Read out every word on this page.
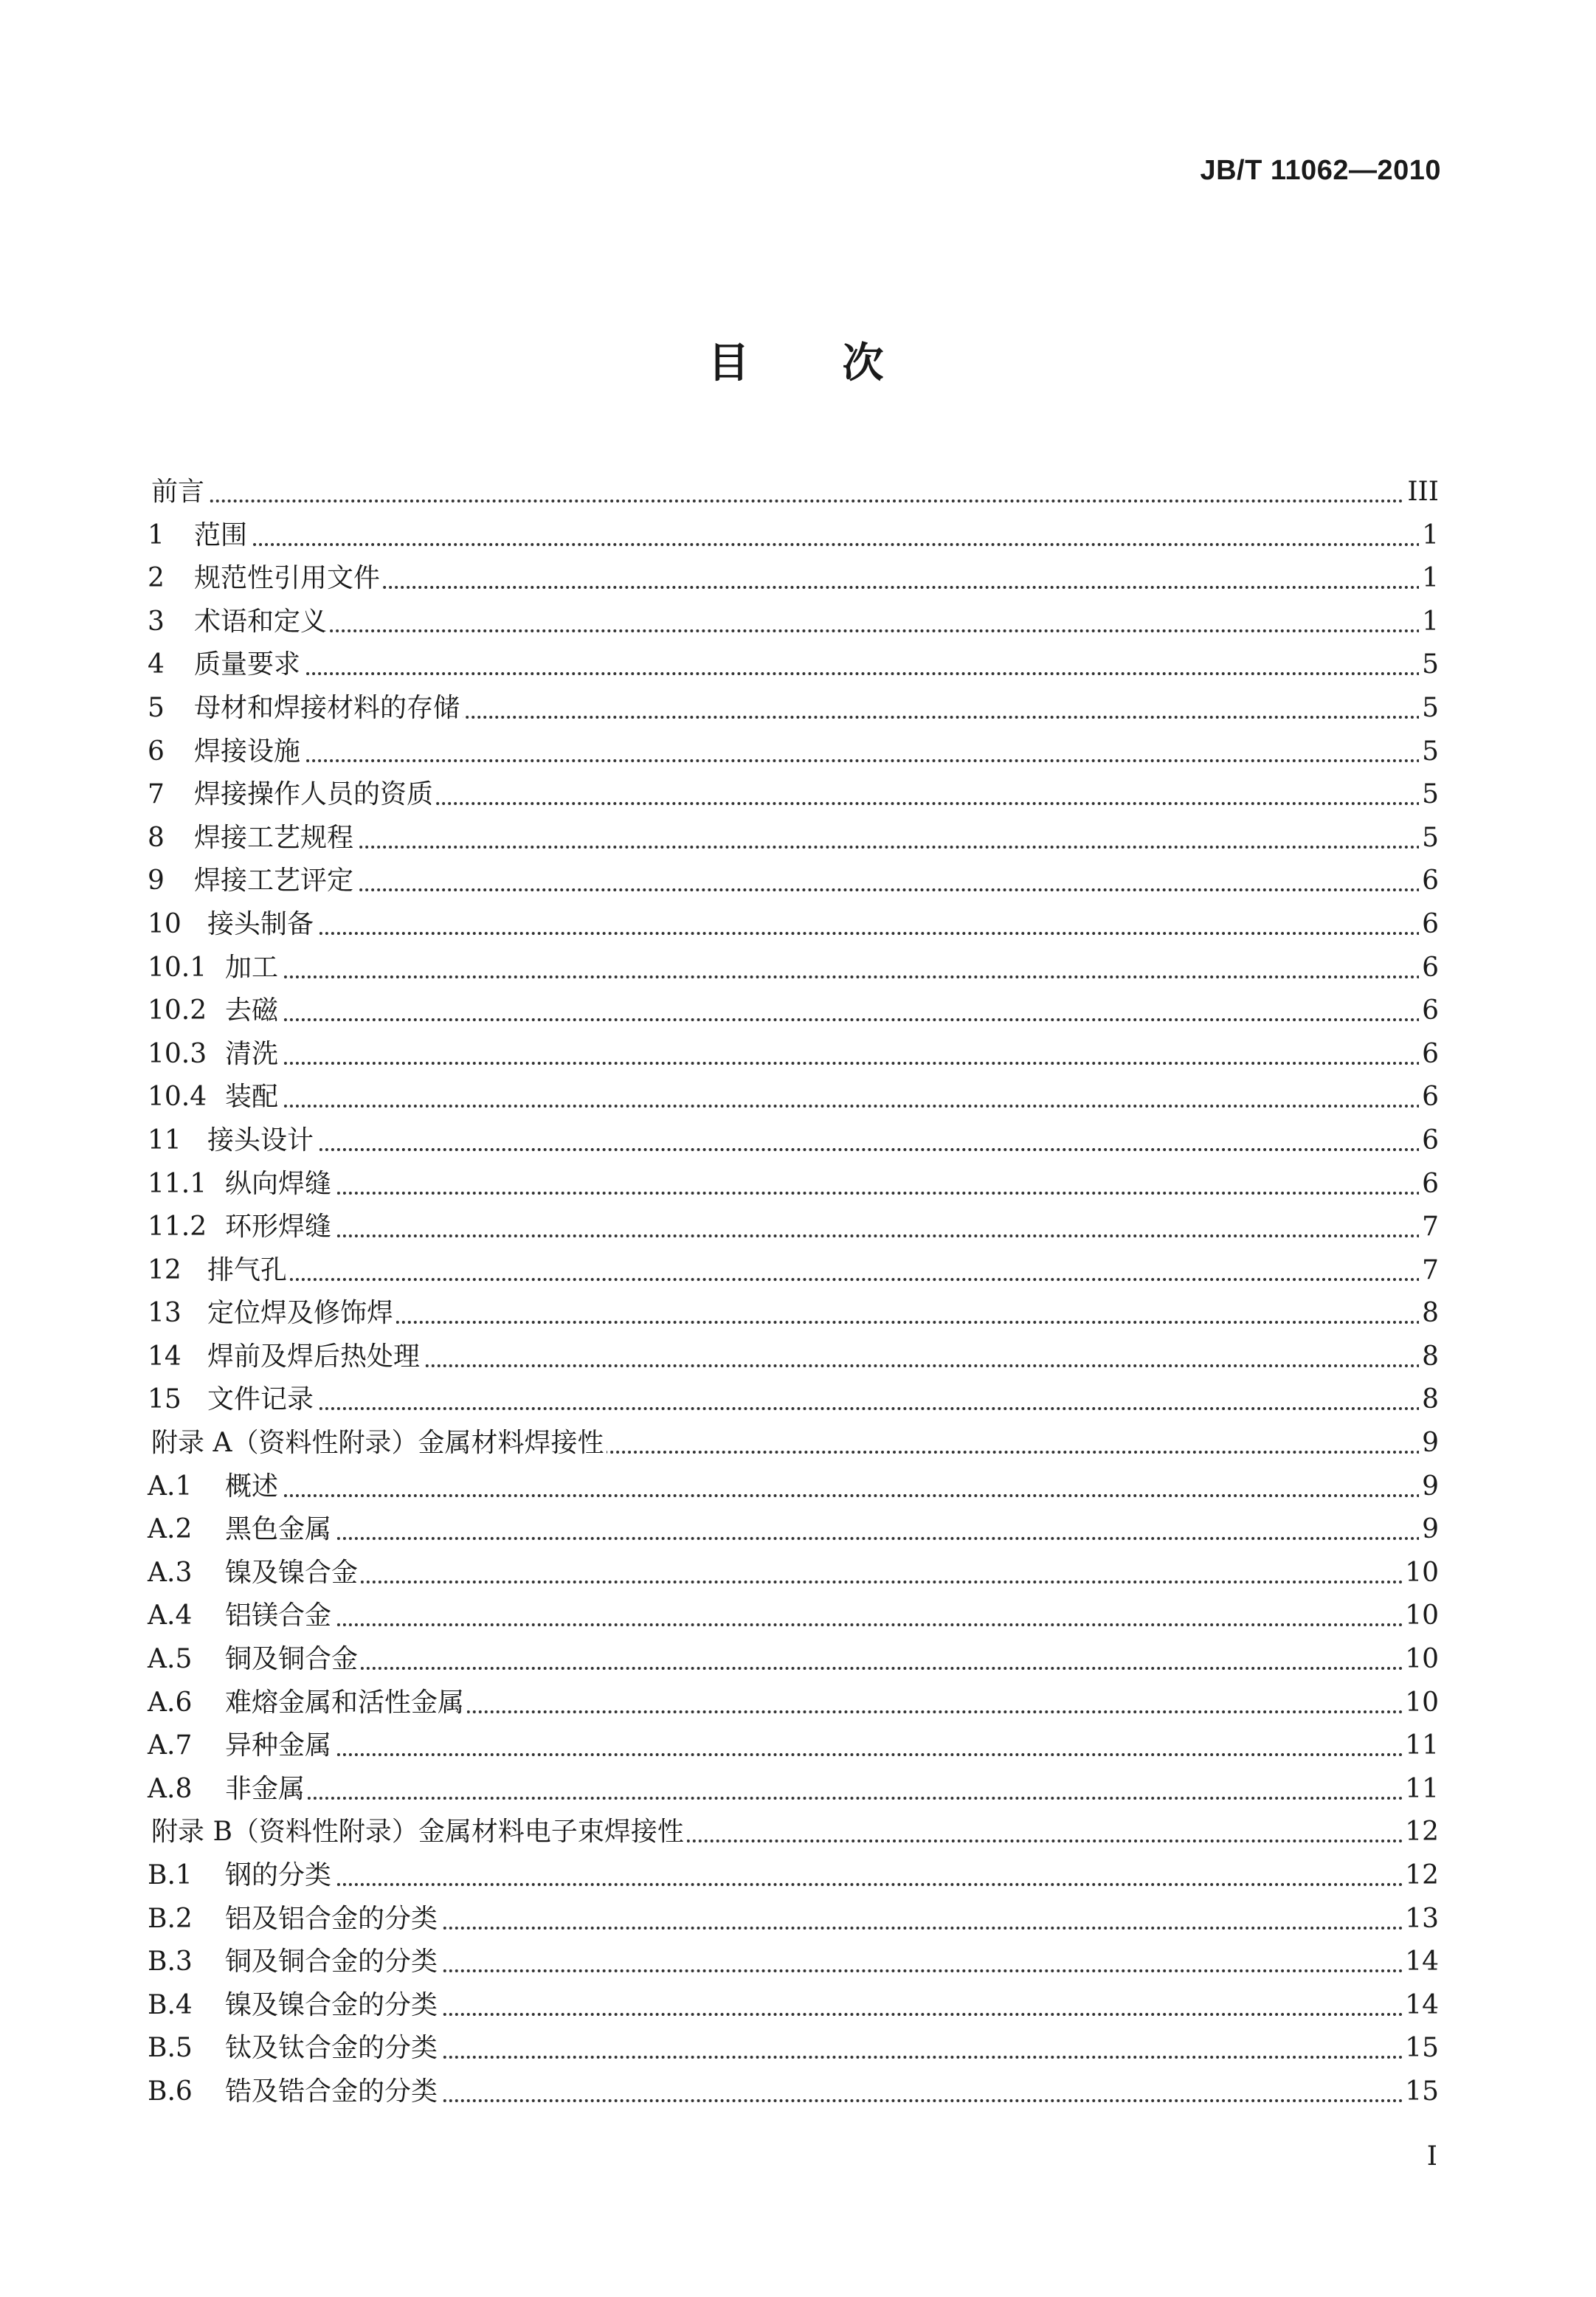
JB/T 11062—2010
目 次
前言	III
1 范围	1
2 规范性引用文件	1
3 术语和定义	1
4 质量要求	5
5 母材和焊接材料的存储	5
6 焊接设施	5
7 焊接操作人员的资质	5
8 焊接工艺规程	5
9 焊接工艺评定	6
10 接头制备	6
10.1 加工	6
10.2 去磁	6
10.3 清洗	6
10.4 装配	6
11 接头设计	6
11.1 纵向焊缝	6
11.2 环形焊缝	7
12 排气孔	7
13 定位焊及修饰焊	8
14 焊前及焊后热处理	8
15 文件记录	8
附录 A（资料性附录）金属材料焊接性	9
A.1 概述	9
A.2 黑色金属	9
A.3 镍及镍合金	10
A.4 铝镁合金	10
A.5 铜及铜合金	10
A.6 难熔金属和活性金属	10
A.7 异种金属	11
A.8 非金属	11
附录 B（资料性附录）金属材料电子束焊接性	12
B.1 钢的分类	12
B.2 铝及铝合金的分类	13
B.3 铜及铜合金的分类	14
B.4 镍及镍合金的分类	14
B.5 钛及钛合金的分类	15
B.6 锆及锆合金的分类	15
I
